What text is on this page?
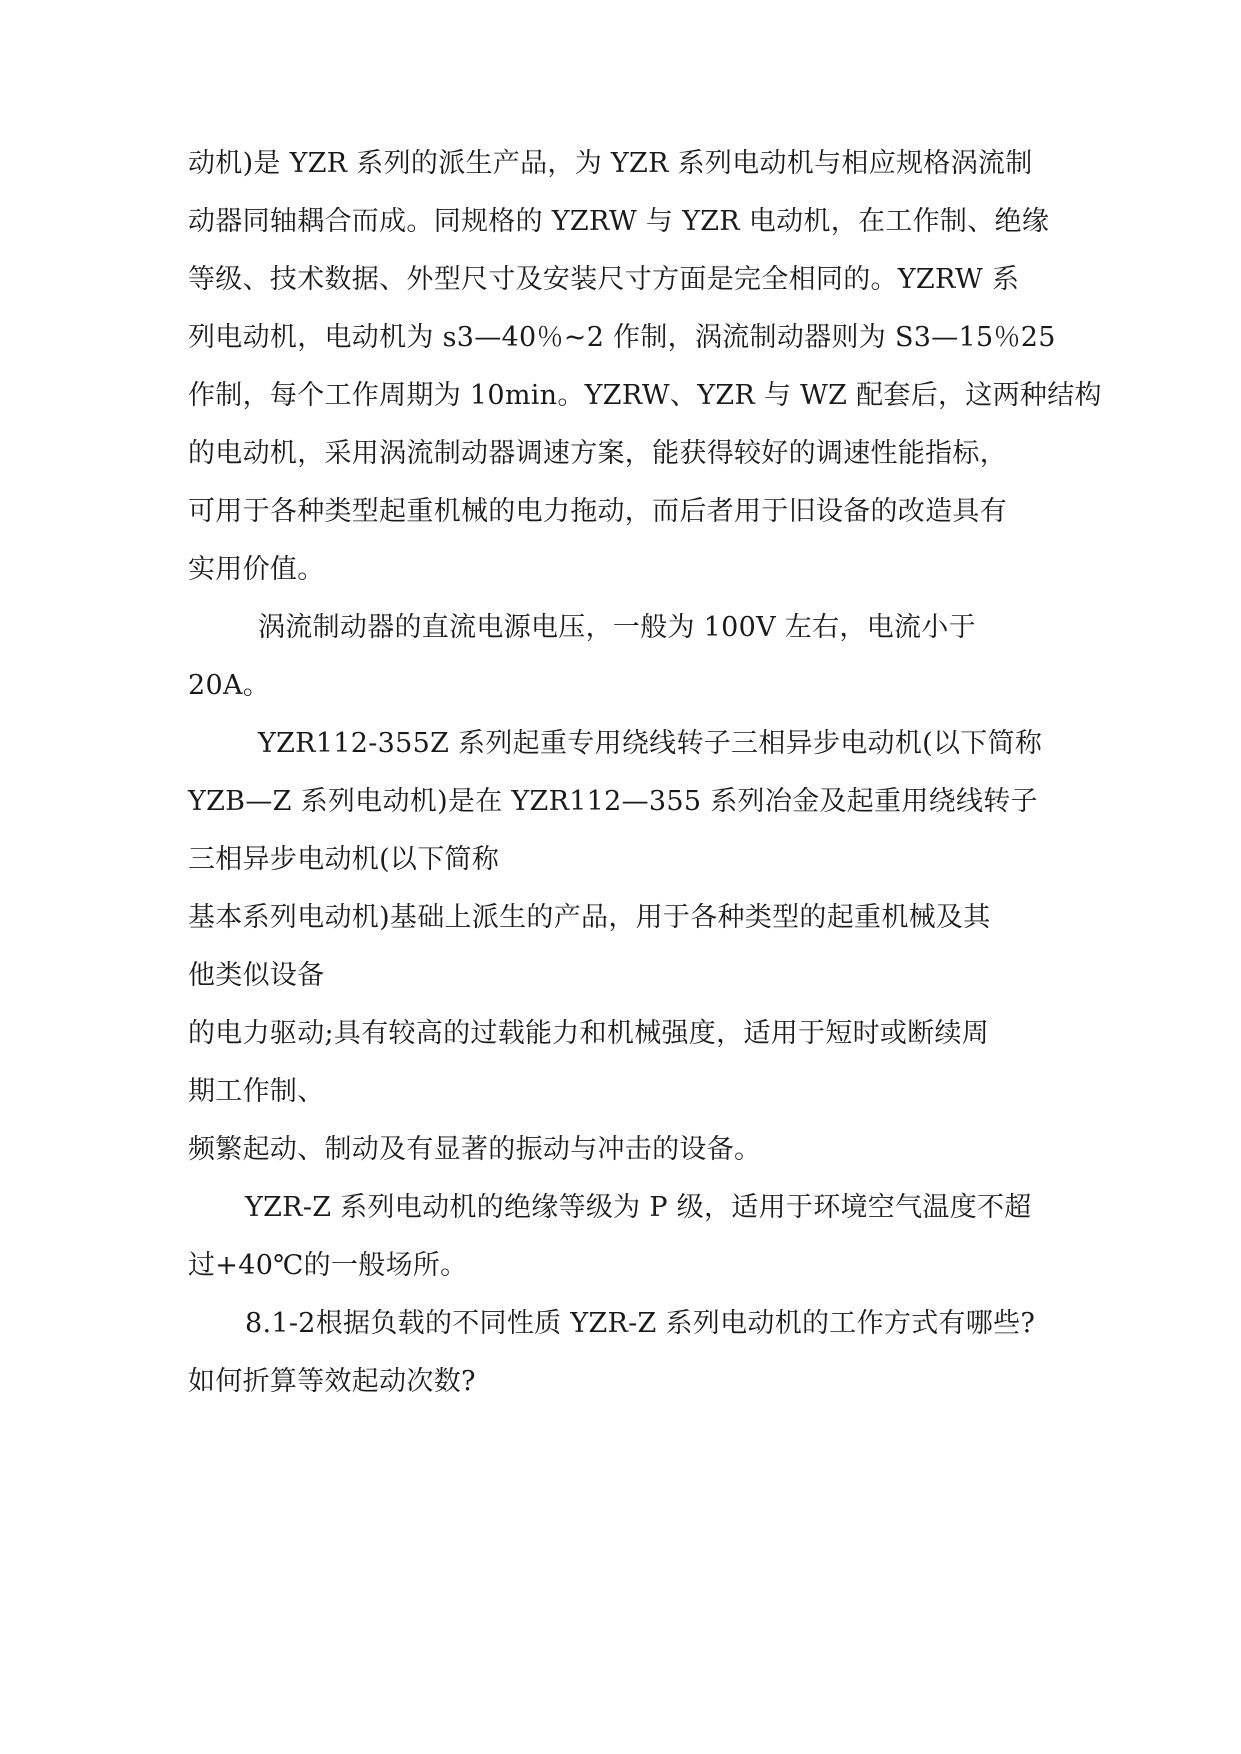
动机)是 YZR 系列的派生产品，为 YZR 系列电动机与相应规格涡流制

动器同轴耦合而成。同规格的 YZRW 与 YZR 电动机，在工作制、绝缘

等级、技术数据、外型尺寸及安装尺寸方面是完全相同的。YZRW 系

列电动机，电动机为 s3—40％~2 作制，涡流制动器则为 S3—15％25

作制，每个工作周期为 10min。YZRW、YZR 与 WZ 配套后，这两种结构

的电动机，采用涡流制动器调速方案，能获得较好的调速性能指标，

可用于各种类型起重机械的电力拖动，而后者用于旧设备的改造具有

实用价值。

涡流制动器的直流电源电压，一般为 100V 左右，电流小于

20A。

YZR112-355Z 系列起重专用绕线转子三相异步电动机(以下简称

YZB—Z 系列电动机)是在 YZR112—355 系列冶金及起重用绕线转子

三相异步电动机(以下简称

基本系列电动机)基础上派生的产品，用于各种类型的起重机械及其

他类似设备

的电力驱动;具有较高的过载能力和机械强度，适用于短时或断续周

期工作制、

频繁起动、制动及有显著的振动与冲击的设备。

YZR-Z 系列电动机的绝缘等级为 P 级，适用于环境空气温度不超

过+40℃的一般场所。

8.1-2根据负载的不同性质 YZR-Z 系列电动机的工作方式有哪些?

如何折算等效起动次数?
